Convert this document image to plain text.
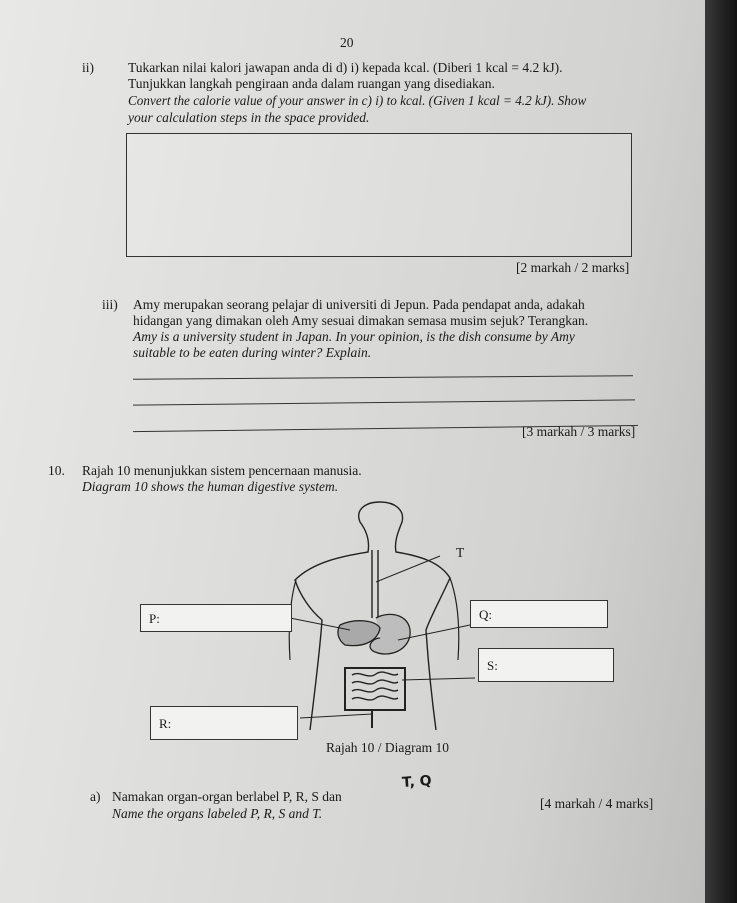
20
ii)	Tukarkan nilai kalori jawapan anda di d) i) kepada kcal. (Diberi 1 kcal = 4.2 kJ).
Tunjukkan langkah pengiraan anda dalam ruangan yang disediakan.
Convert the calorie value of your answer in c) i) to kcal. (Given 1 kcal = 4.2 kJ). Show
your calculation steps in the space provided.
[2 markah / 2 marks]
iii) Amy merupakan seorang pelajar di universiti di Jepun. Pada pendapat anda, adakah
hidangan yang dimakan oleh Amy sesuai dimakan semasa musim sejuk? Terangkan.
Amy is a university student in Japan. In your opinion, is the dish consume by Amy
suitable to be eaten during winter? Explain.
[3 markah / 3 marks]
10. Rajah 10 menunjukkan sistem pencernaan manusia.
Diagram 10 shows the human digestive system.
T
P:	Q:
S:
R:
Rajah 10 / Diagram 10
a) Namakan organ-organ berlabel P, R, S dan
T, Q
Name the organs labeled P, R, S and T.
[4 markah / 4 marks]
